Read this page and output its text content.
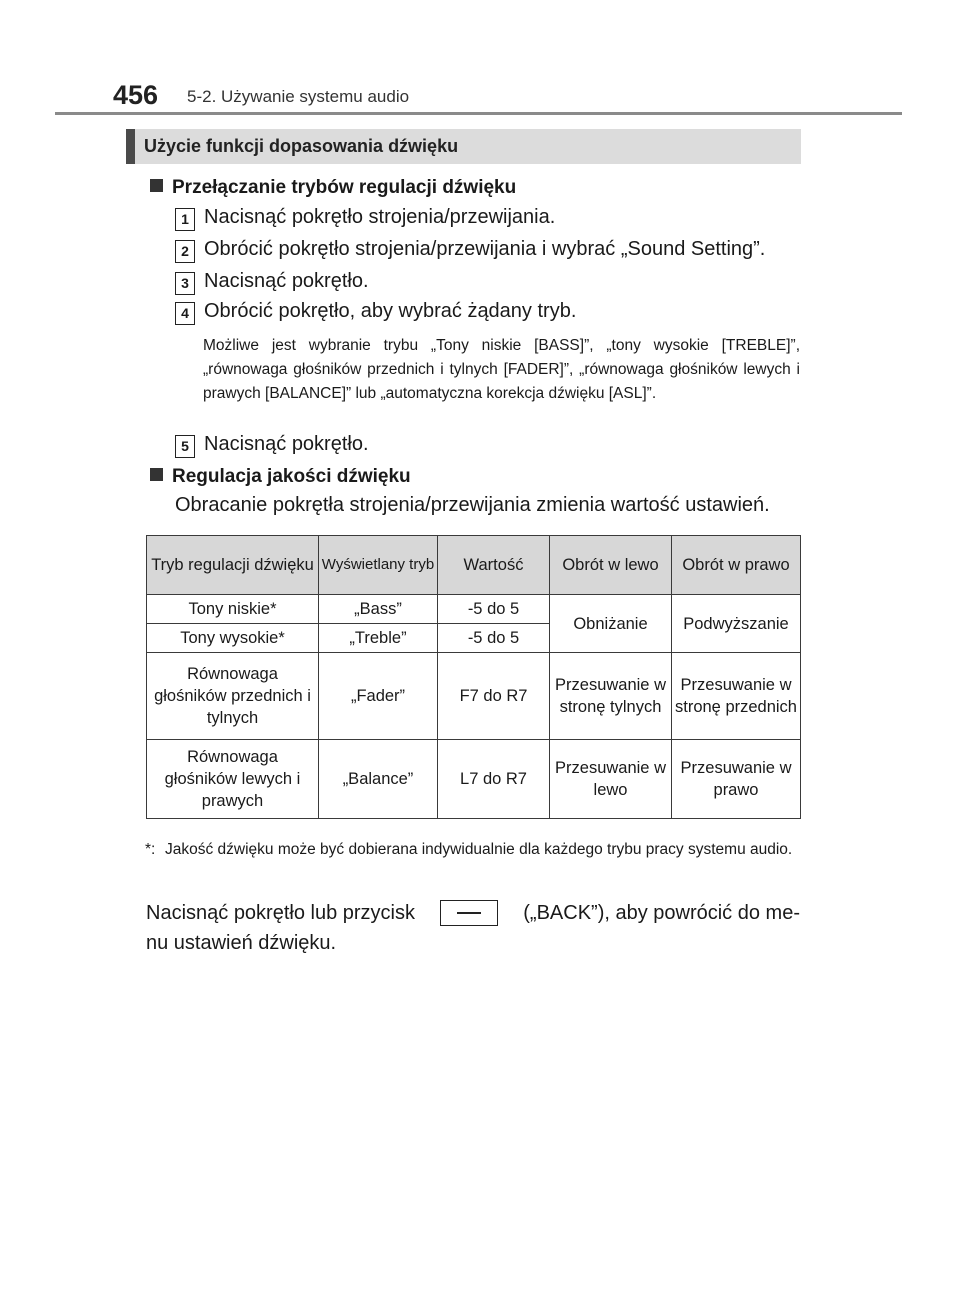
456 5-2. Używanie systemu audio
Użycie funkcji dopasowania dźwięku
Przełączanie trybów regulacji dźwięku
1 Nacisnąć pokrętło strojenia/przewijania.
2 Obrócić pokrętło strojenia/przewijania i wybrać „Sound Setting”.
3 Nacisnąć pokrętło.
4 Obrócić pokrętło, aby wybrać żądany tryb.
Możliwe jest wybranie trybu „Tony niskie [BASS]”, „tony wysokie [TREBLE]”, „równowaga głośników przednich i tylnych [FADER]”, „równowaga głośników lewych i prawych [BALANCE]” lub „automatyczna korekcja dźwięku [ASL]”.
5 Nacisnąć pokrętło.
Regulacja jakości dźwięku
Obracanie pokrętła strojenia/przewijania zmienia wartość ustawień.
Tryb regulacji dźwięku	Wyświetlany tryb	Wartość	Obrót w lewo	Obrót w prawo
Tony niskie*	„Bass”	-5 do 5	Obniżanie	Podwyższanie
Tony wysokie*	„Treble”	-5 do 5		
Równowaga głośników przednich i tylnych	„Fader”	F7 do R7	Przesuwanie w stronę tylnych	Przesuwanie w stronę przednich
Równowaga głośników lewych i prawych	„Balance”	L7 do R7	Przesuwanie w lewo	Przesuwanie w prawo
*: Jakość dźwięku może być dobierana indywidualnie dla każdego trybu pracy systemu audio.
Nacisnąć pokrętło lub przycisk	(„BACK”), aby powrócić do me-
nu ustawień dźwięku.
